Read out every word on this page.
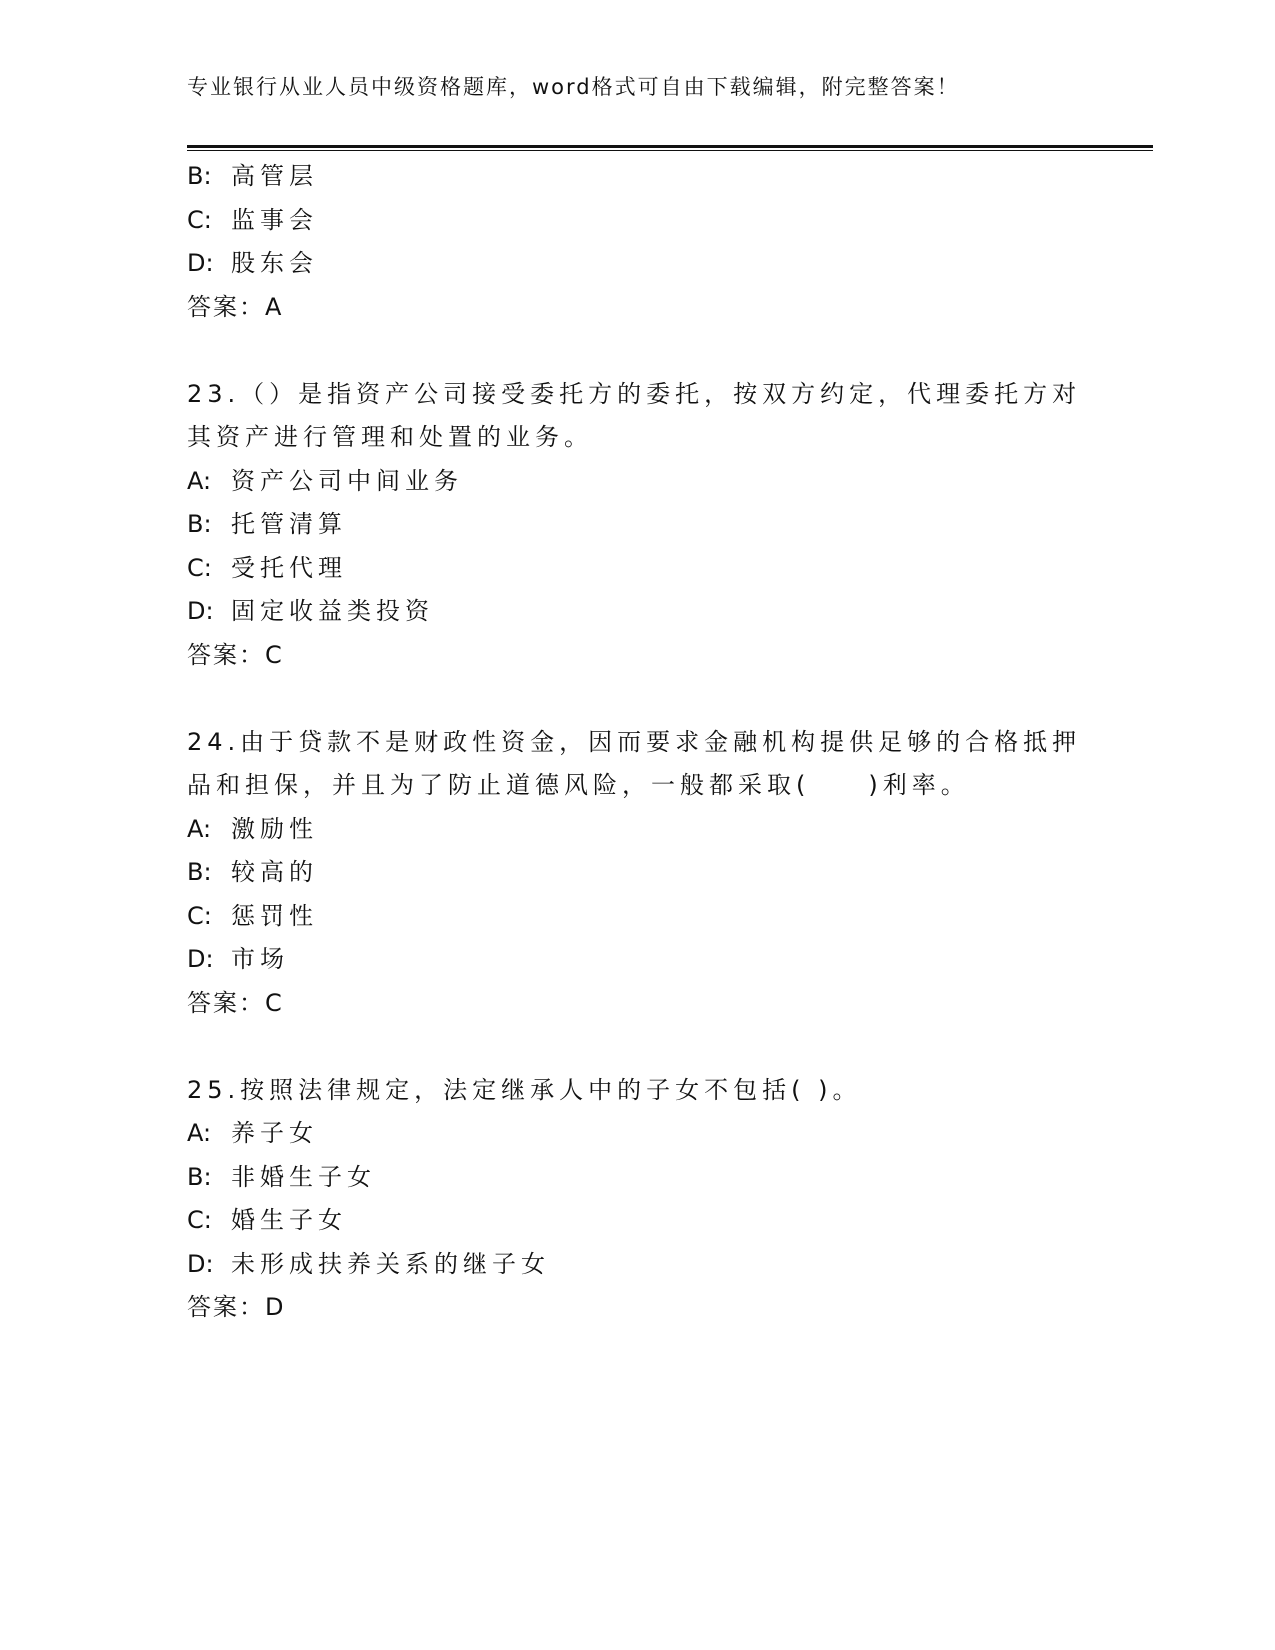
专业银行从业人员中级资格题库，word格式可自由下载编辑，附完整答案！
B: 高管层
C: 监事会
D: 股东会
答案：A
23.（）是指资产公司接受委托方的委托，按双方约定，代理委托方对
其资产进行管理和处置的业务。
A: 资产公司中间业务
B: 托管清算
C: 受托代理
D: 固定收益类投资
答案：C
24.由于贷款不是财政性资金，因而要求金融机构提供足够的合格抵押
品和担保，并且为了防止道德风险，一般都采取(　　)利率。
A: 激励性
B: 较高的
C: 惩罚性
D: 市场
答案：C
25.按照法律规定，法定继承人中的子女不包括( )。
A: 养子女
B: 非婚生子女
C: 婚生子女
D: 未形成扶养关系的继子女
答案：D
